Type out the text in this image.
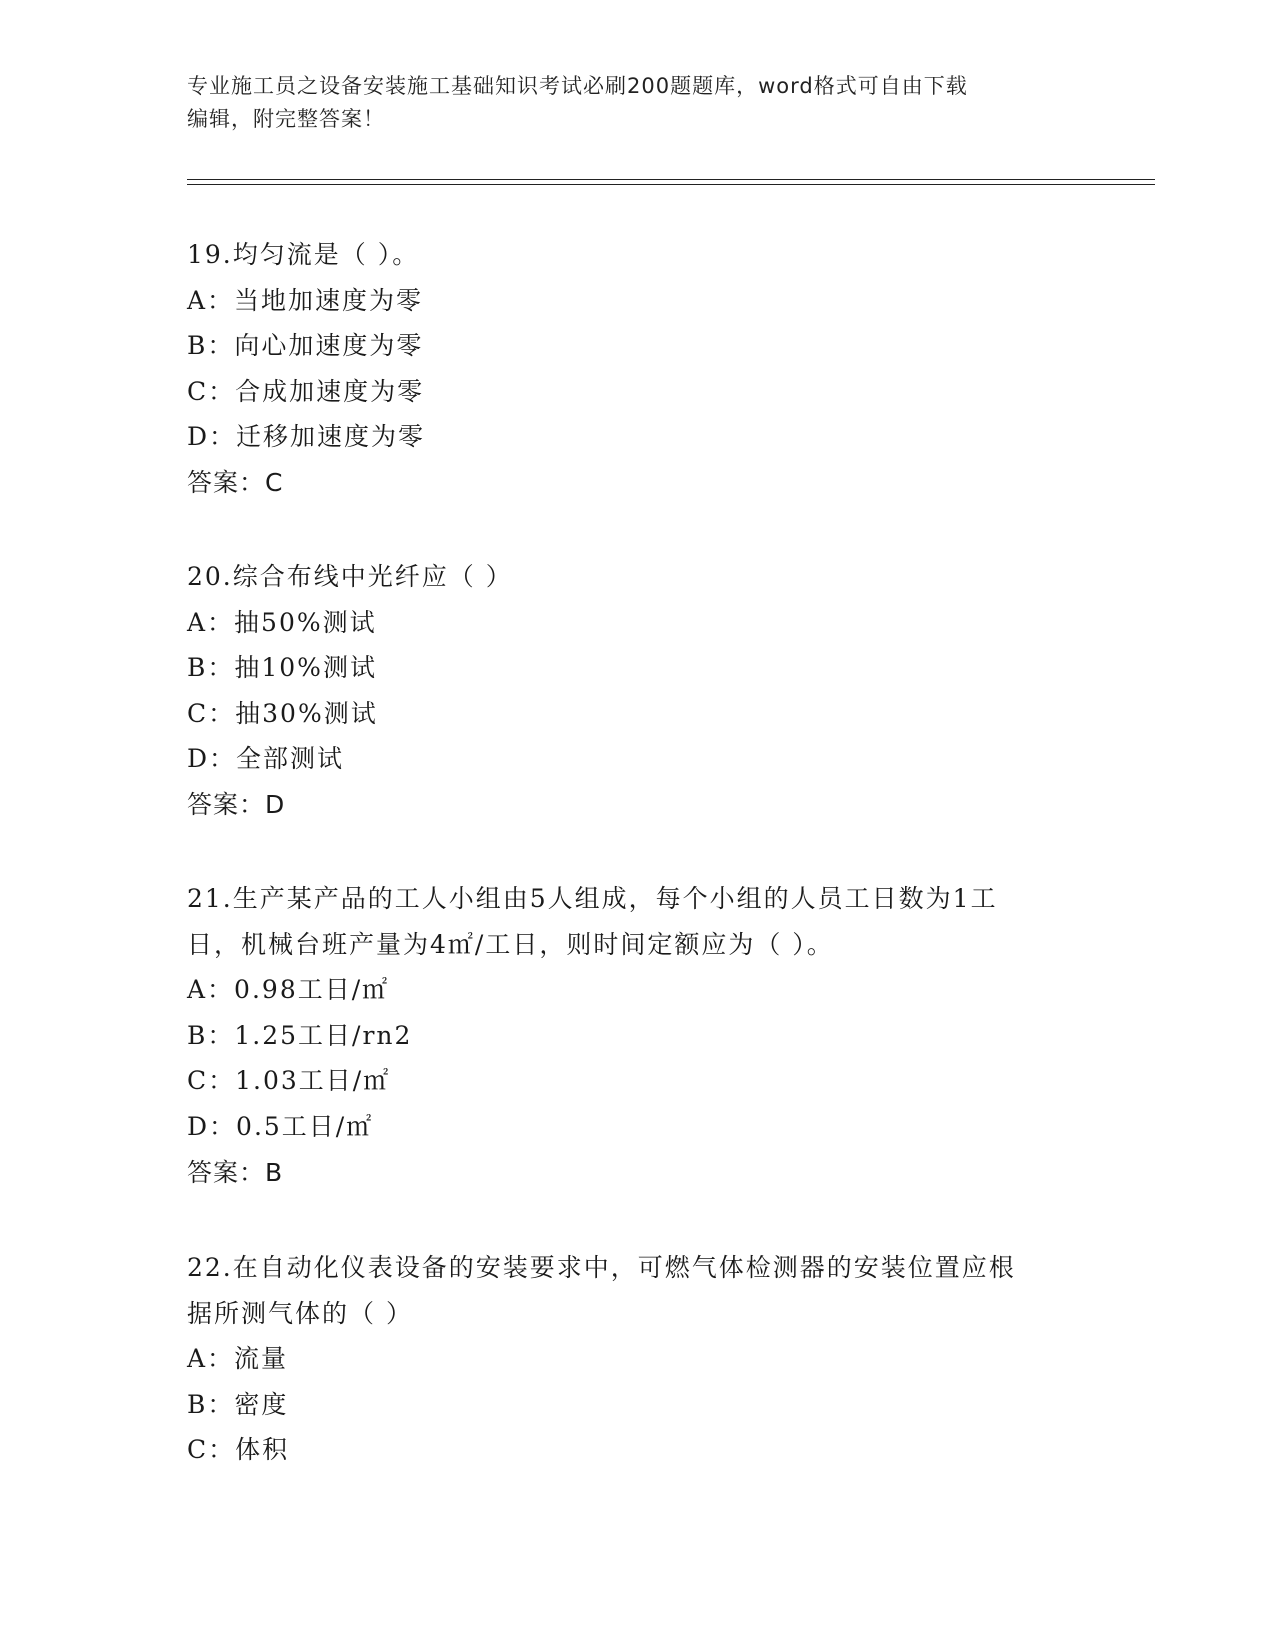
专业施工员之设备安装施工基础知识考试必刷200题题库，word格式可自由下载
编辑，附完整答案！
19.均匀流是（ ）。
A：当地加速度为零
B：向心加速度为零
C：合成加速度为零
D：迁移加速度为零
答案：C
20.综合布线中光纤应（ ）
A：抽50%测试
B：抽10%测试
C：抽30%测试
D：全部测试
答案：D
21.生产某产品的工人小组由5人组成，每个小组的人员工日数为1工
日，机械台班产量为4㎡/工日，则时间定额应为（ ）。
A：0.98工日/㎡
B：1.25工日/rn2
C：1.03工日/㎡
D：0.5工日/㎡
答案：B
22.在自动化仪表设备的安装要求中，可燃气体检测器的安装位置应根
据所测气体的（ ）
A：流量
B：密度
C：体积
